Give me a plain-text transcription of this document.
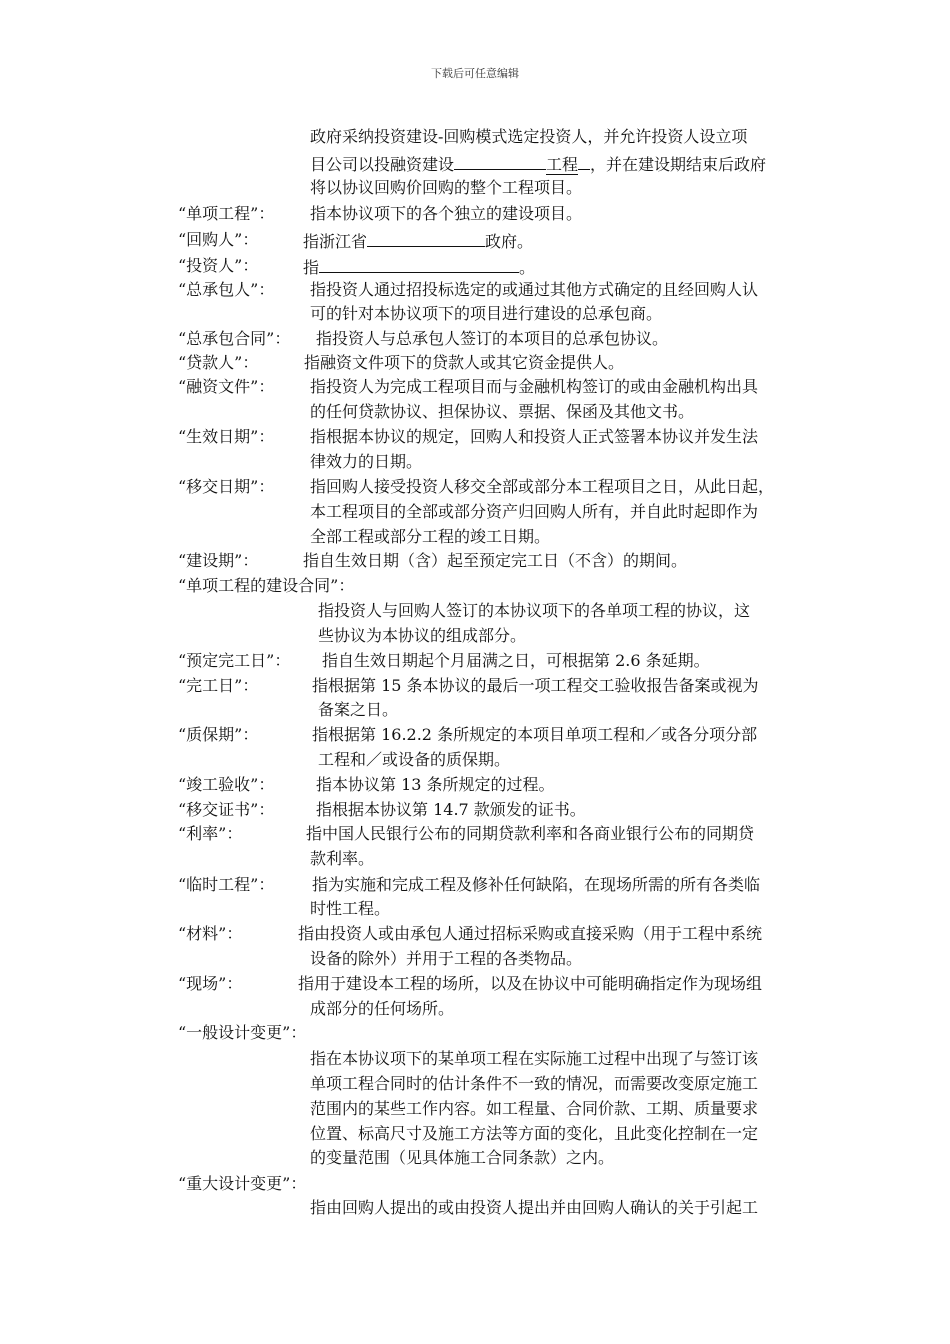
下载后可任意编辑
政府采纳投资建设-回购模式选定投资人，并允许投资人设立项
目公司以投融资建设	工程 ，并在建设期结束后政府
将以协议回购价回购的整个工程项目。
“单项工程”： 指本协议项下的各个独立的建设项目。
“回购人”：	指浙江省	政府。
“投资人”：	指	。
“总承包人”： 指投资人通过招投标选定的或通过其他方式确定的且经回购人认
可的针对本协议项下的项目进行建设的总承包商。
“总承包合同”： 指投资人与总承包人签订的本项目的总承包协议。
“贷款人”：	指融资文件项下的贷款人或其它资金提供人。
“融资文件”： 指投资人为完成工程项目而与金融机构签订的或由金融机构出具
的任何贷款协议、担保协议、票据、保函及其他文书。
“生效日期”： 指根据本协议的规定，回购人和投资人正式签署本协议并发生法
律效力的日期。
“移交日期”： 指回购人接受投资人移交全部或部分本工程项目之日，从此日起，
本工程项目的全部或部分资产归回购人所有，并自此时起即作为
全部工程或部分工程的竣工日期。
“建设期”：	指自生效日期（含）起至预定完工日（不含）的期间。
“单项工程的建设合同”：
指投资人与回购人签订的本协议项下的各单项工程的协议，这
些协议为本协议的组成部分。
“预定完工日”： 指自生效日期起个月届满之日，可根据第 2.6 条延期。
“完工日”：	指根据第 15 条本协议的最后一项工程交工验收报告备案或视为
备案之日。
“质保期”：	指根据第 16.2.2 条所规定的本项目单项工程和／或各分项分部
工程和／或设备的质保期。
“竣工验收”：	指本协议第 13 条所规定的过程。
“移交证书”：	指根据本协议第 14.7 款颁发的证书。
“利率”：	指中国人民银行公布的同期贷款利率和各商业银行公布的同期贷
款利率。
“临时工程”： 指为实施和完成工程及修补任何缺陷，在现场所需的所有各类临
时性工程。
“材料”：	指由投资人或由承包人通过招标采购或直接采购（用于工程中系统
设备的除外）并用于工程的各类物品。
“现场”：	指用于建设本工程的场所，以及在协议中可能明确指定作为现场组
成部分的任何场所。
“一般设计变更”：
指在本协议项下的某单项工程在实际施工过程中出现了与签订该
单项工程合同时的估计条件不一致的情况，而需要改变原定施工
范围内的某些工作内容。如工程量、合同价款、工期、质量要求
位置、标高尺寸及施工方法等方面的变化，且此变化控制在一定
的变量范围（见具体施工合同条款）之内。
“重大设计变更”：
指由回购人提出的或由投资人提出并由回购人确认的关于引起工
